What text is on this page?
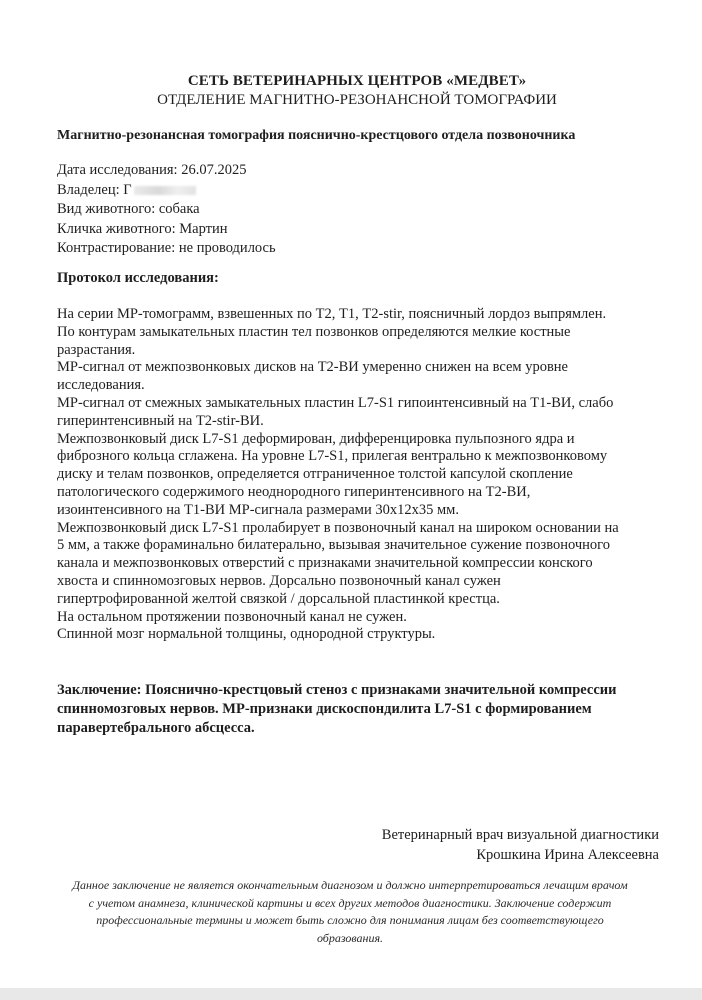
СЕТЬ ВЕТЕРИНАРНЫХ ЦЕНТРОВ «МЕДВЕТ»
ОТДЕЛЕНИЕ МАГНИТНО-РЕЗОНАНСНОЙ ТОМОГРАФИИ
Магнитно-резонансная томография пояснично-крестцового отдела позвоночника
Дата исследования: 26.07.2025
Владелец: Г
Вид животного: собака
Кличка животного: Мартин
Контрастирование: не проводилось
Протокол исследования:
На серии МР-томограмм, взвешенных по Т2, Т1, Т2-stir, поясничный лордоз выпрямлен.
По контурам замыкательных пластин тел позвонков определяются мелкие костные
разрастания.
МР-сигнал от межпозвонковых дисков на Т2-ВИ умеренно снижен на всем уровне
исследования.
МР-сигнал от смежных замыкательных пластин L7-S1 гипоинтенсивный на Т1-ВИ, слабо
гиперинтенсивный на Т2-stir-ВИ.
Межпозвонковый диск L7-S1 деформирован, дифференцировка пульпозного ядра и
фиброзного кольца сглажена. На уровне L7-S1, прилегая вентрально к межпозвонковому
диску и телам позвонков, определяется отграниченное толстой капсулой скопление
патологического содержимого неоднородного гиперинтенсивного на Т2-ВИ,
изоинтенсивного на Т1-ВИ МР-сигнала размерами 30х12х35 мм.
Межпозвонковый диск L7-S1 пролабирует в позвоночный канал на широком основании на
5 мм, а также фораминально билатерально, вызывая значительное сужение позвоночного
канала и межпозвонковых отверстий с признаками значительной компрессии конского
хвоста и спинномозговых нервов. Дорсально позвоночный канал сужен
гипертрофированной желтой связкой / дорсальной пластинкой крестца.
На остальном протяжении позвоночный канал не сужен.
Спинной мозг нормальной толщины, однородной структуры.
Заключение: Пояснично-крестцовый стеноз с признаками значительной компрессии
спинномозговых нервов. МР-признаки дискоспондилита L7-S1 с формированием
паравертебрального абсцесса.
Ветеринарный врач визуальной диагностики
Крошкина Ирина Алексеевна
Данное заключение не является окончательным диагнозом и должно интерпретироваться лечащим врачом
с учетом анамнеза, клинической картины и всех других методов диагностики. Заключение содержит
профессиональные термины и может быть сложно для понимания лицам без соответствующего
образования.
